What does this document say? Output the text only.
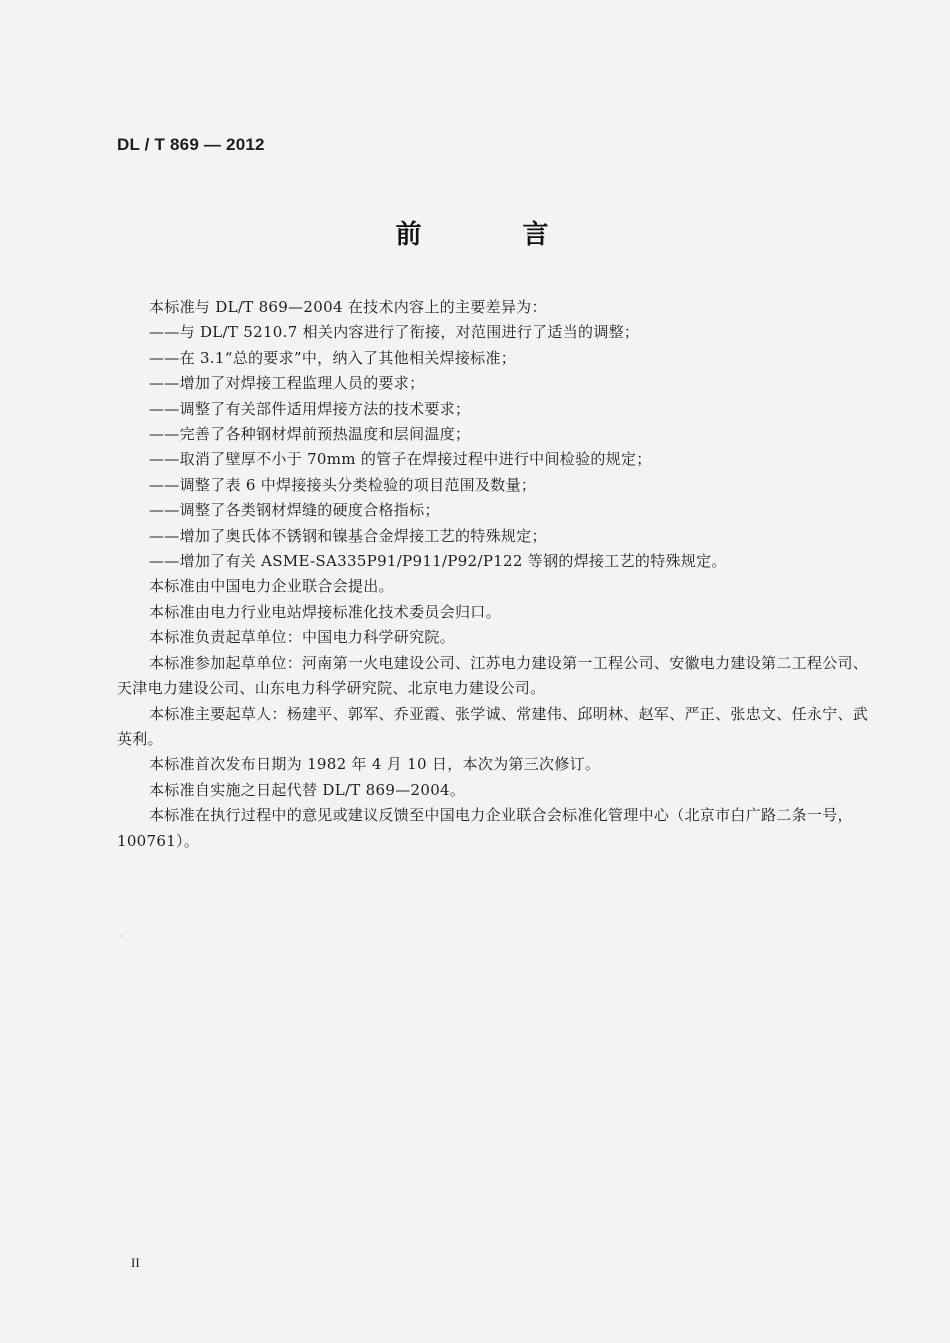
DL / T 869 — 2012
前 言

本标准与 DL/T 869—2004 在技术内容上的主要差异为：

——与 DL/T 5210.7 相关内容进行了衔接，对范围进行了适当的调整；

——在 3.1“总的要求”中，纳入了其他相关焊接标准；

——增加了对焊接工程监理人员的要求；

——调整了有关部件适用焊接方法的技术要求；

——完善了各种钢材焊前预热温度和层间温度；

——取消了壁厚不小于 70mm 的管子在焊接过程中进行中间检验的规定；

——调整了表 6 中焊接接头分类检验的项目范围及数量；

——调整了各类钢材焊缝的硬度合格指标；

——增加了奥氏体不锈钢和镍基合金焊接工艺的特殊规定；

——增加了有关 ASME-SA335P91/P911/P92/P122 等钢的焊接工艺的特殊规定。

本标准由中国电力企业联合会提出。

本标准由电力行业电站焊接标准化技术委员会归口。

本标准负责起草单位：中国电力科学研究院。

本标准参加起草单位：河南第一火电建设公司、江苏电力建设第一工程公司、安徽电力建设第二工程公司、天津电力建设公司、山东电力科学研究院、北京电力建设公司。

本标准主要起草人：杨建平、郭军、乔亚霞、张学诚、常建伟、邱明林、赵军、严正、张忠文、任永宁、武英利。

本标准首次发布日期为 1982 年 4 月 10 日，本次为第三次修订。

本标准自实施之日起代替 DL/T 869—2004。

本标准在执行过程中的意见或建议反馈至中国电力企业联合会标准化管理中心（北京市白广路二条一号，100761）。

II
